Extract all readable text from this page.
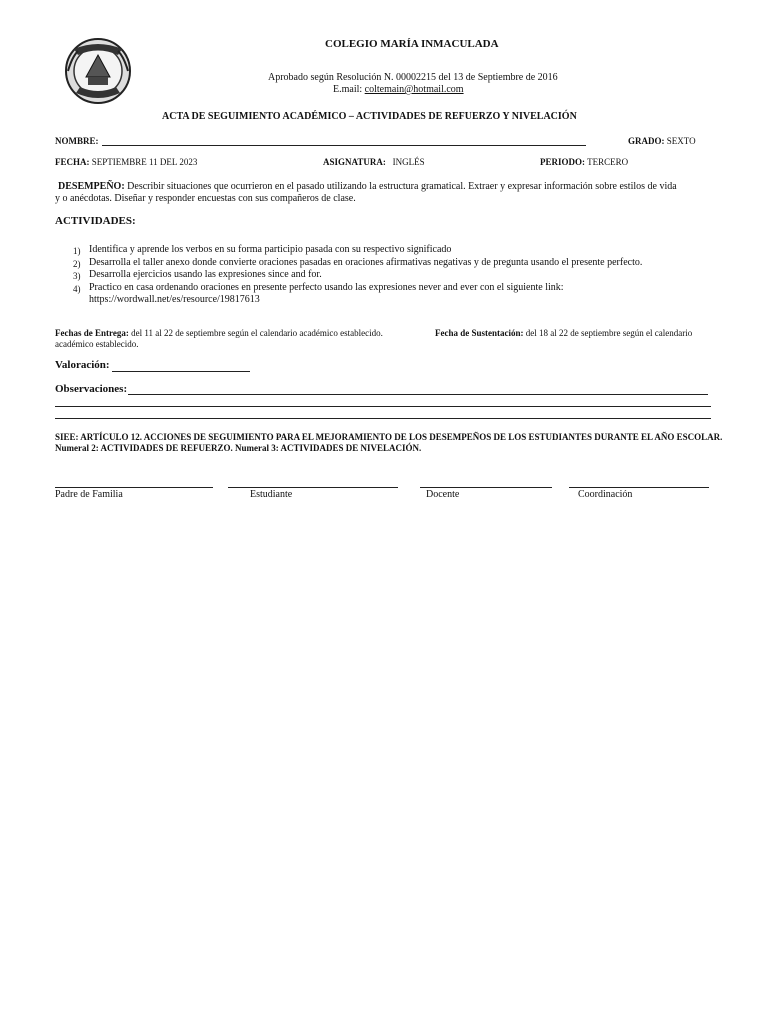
COLEGIO MARÍA INMACULADA
Aprobado según Resolución N. 00002215 del 13 de Septiembre de 2016
E.mail: coltemain@hotmail.com
ACTA DE SEGUIMIENTO ACADÉMICO – ACTIVIDADES DE REFUERZO Y NIVELACIÓN
NOMBRE:	GRADO: SEXTO
FECHA: SEPTIEMBRE 11 DEL 2023	ASIGNATURA: INGLÉS	PERIODO: TERCERO
DESEMPEÑO: Describir situaciones que ocurrieron en el pasado utilizando la estructura gramatical. Extraer y expresar información sobre estilos de vida
y o anécdotas. Diseñar y responder encuestas con sus compañeros de clase.
ACTIVIDADES:
1) Identifica y aprende los verbos en su forma participio pasada con su respectivo significado
2) Desarrolla el taller anexo donde convierte oraciones pasadas en oraciones afirmativas negativas y de pregunta usando el presente perfecto.
3) Desarrolla ejercicios usando las expresiones since and for.
4) Practico en casa ordenando oraciones en presente perfecto usando las expresiones never and ever con el siguiente link:
https://wordwall.net/es/resource/19817613
Fechas de Entrega: del 11 al 22 de septiembre según el calendario académico establecido.	Fecha de Sustentación: del 18 al 22 de septiembre según el calendario
académico establecido.
Valoración:
Observaciones:
SIEE: ARTÍCULO 12. ACCIONES DE SEGUIMIENTO PARA EL MEJORAMIENTO DE LOS DESEMPEÑOS DE LOS ESTUDIANTES DURANTE EL AÑO ESCOLAR.
Numeral 2: ACTIVIDADES DE REFUERZO. Numeral 3: ACTIVIDADES DE NIVELACIÓN.
Padre de Familia	Estudiante	Docente	Coordinación
